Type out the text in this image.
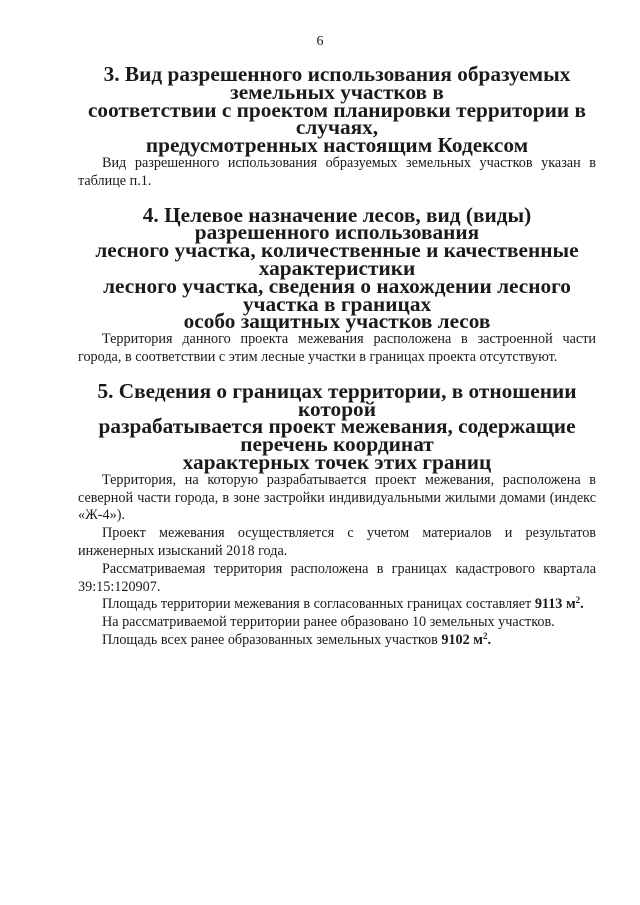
6
3. Вид разрешенного использования образуемых земельных участков в
соответствии с проектом планировки территории в случаях,
предусмотренных настоящим Кодексом

Вид разрешенного использования образуемых земельных участков указан в таблице п.1.

4. Целевое назначение лесов, вид (виды) разрешенного использования
лесного участка, количественные и качественные характеристики
лесного участка, сведения о нахождении лесного участка в границах
особо защитных участков лесов

Территория данного проекта межевания расположена в застроенной части города, в соответствии с этим лесные участки в границах проекта отсутствуют.

5. Сведения о границах территории, в отношении которой
разрабатывается проект межевания, содержащие перечень координат
характерных точек этих границ

Территория, на которую разрабатывается проект межевания, расположена в северной части города, в зоне застройки индивидуальными жилыми домами (индекс «Ж-4»).

Проект межевания осуществляется с учетом материалов и результатов инженерных изысканий 2018 года.

Рассматриваемая территория расположена в границах кадастрового квартала 39:15:120907.

Площадь территории межевания в согласованных границах составляет 9113 $м^2$.

На рассматриваемой территории ранее образовано 10 земельных участков.

Площадь всех ранее образованных земельных участков 9102 $м^2$.
